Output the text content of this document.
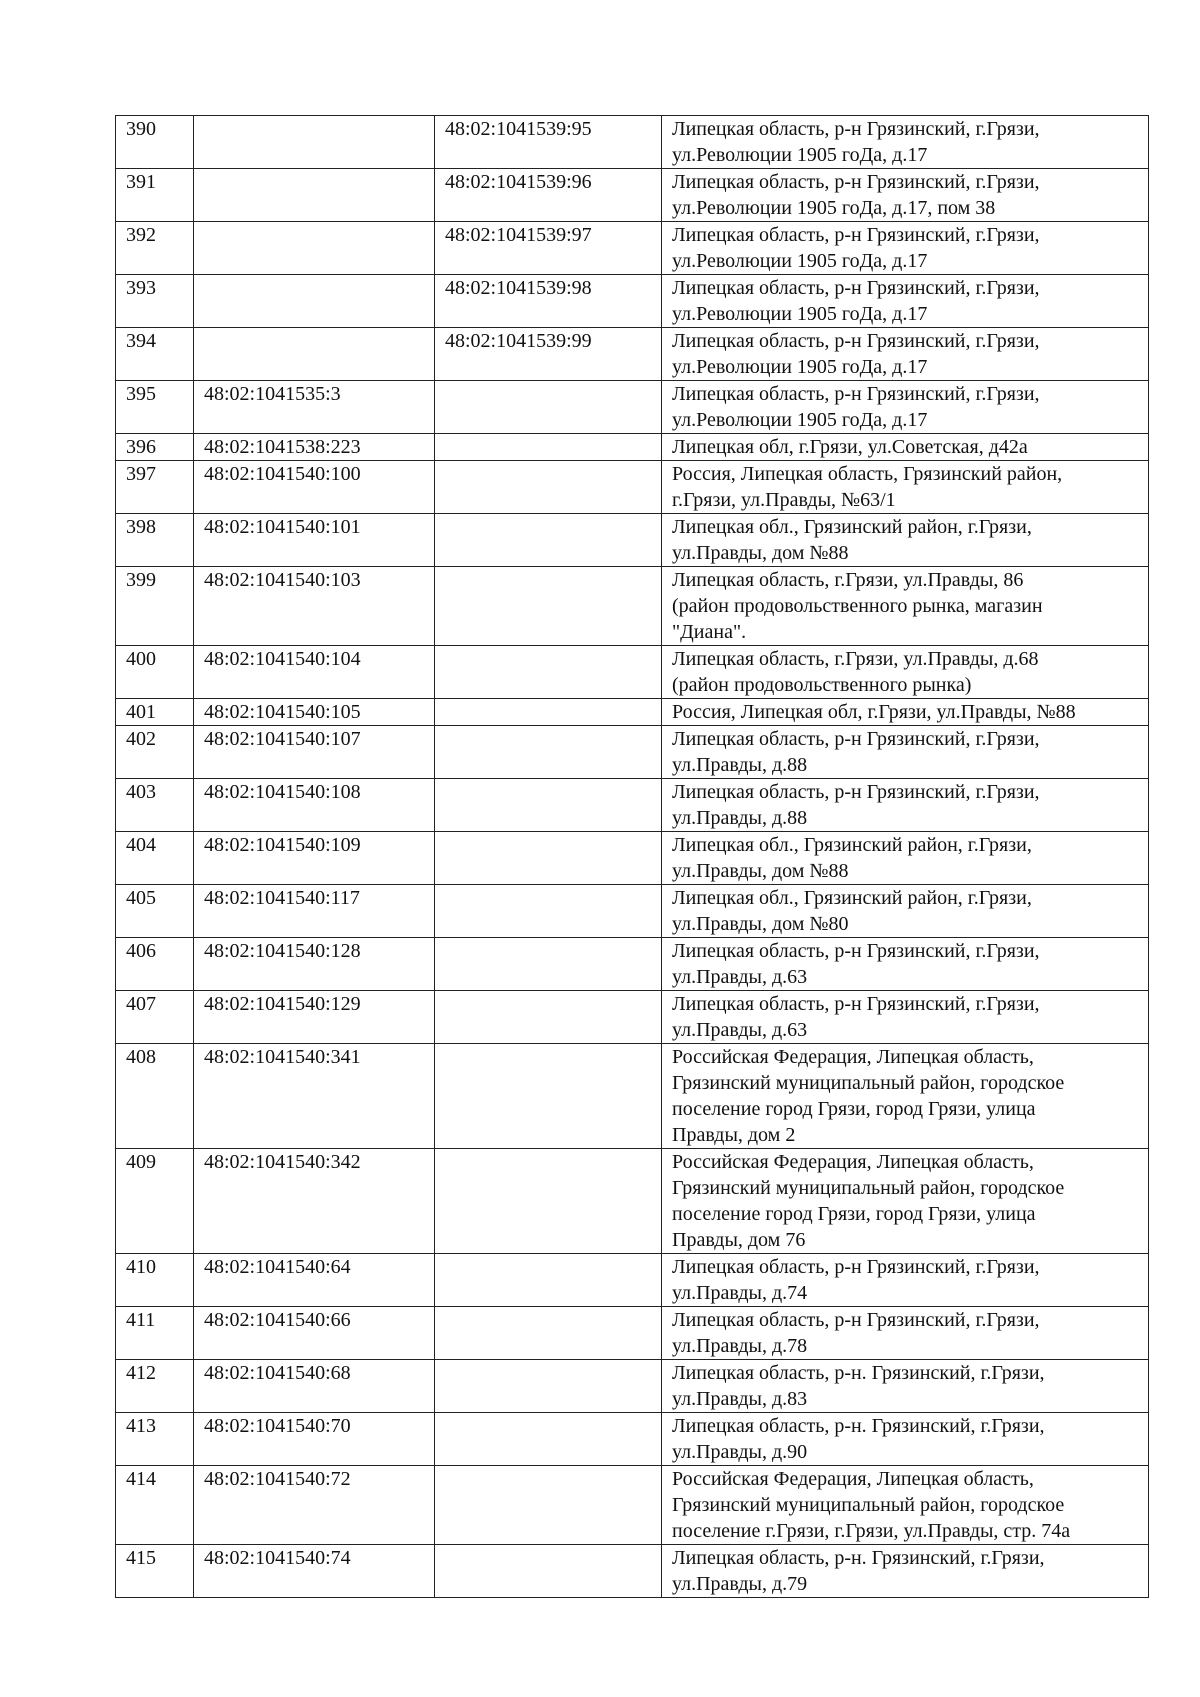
390		48:02:1041539:95	Липецкая область, р-н Грязинский, г.Грязи,
ул.Революции 1905 гоДа, д.17
391		48:02:1041539:96	Липецкая область, р-н Грязинский, г.Грязи,
ул.Революции 1905 гоДа, д.17, пом 38
392		48:02:1041539:97	Липецкая область, р-н Грязинский, г.Грязи,
ул.Революции 1905 гоДа, д.17
393		48:02:1041539:98	Липецкая область, р-н Грязинский, г.Грязи,
ул.Революции 1905 гоДа, д.17
394		48:02:1041539:99	Липецкая область, р-н Грязинский, г.Грязи,
ул.Революции 1905 гоДа, д.17
395	48:02:1041535:3		Липецкая область, р-н Грязинский, г.Грязи,
ул.Революции 1905 гоДа, д.17
396	48:02:1041538:223		Липецкая обл, г.Грязи, ул.Советская, д42а
397	48:02:1041540:100		Россия, Липецкая область, Грязинский район,
г.Грязи, ул.Правды, №63/1
398	48:02:1041540:101		Липецкая обл., Грязинский район, г.Грязи,
ул.Правды, дом №88
399	48:02:1041540:103		Липецкая область, г.Грязи, ул.Правды, 86
(район продовольственного рынка, магазин
"Диана".
400	48:02:1041540:104		Липецкая область, г.Грязи, ул.Правды, д.68
(район продовольственного рынка)
401	48:02:1041540:105		Россия, Липецкая обл, г.Грязи, ул.Правды, №88
402	48:02:1041540:107		Липецкая область, р-н Грязинский, г.Грязи,
ул.Правды, д.88
403	48:02:1041540:108		Липецкая область, р-н Грязинский, г.Грязи,
ул.Правды, д.88
404	48:02:1041540:109		Липецкая обл., Грязинский район, г.Грязи,
ул.Правды, дом №88
405	48:02:1041540:117		Липецкая обл., Грязинский район, г.Грязи,
ул.Правды, дом №80
406	48:02:1041540:128		Липецкая область, р-н Грязинский, г.Грязи,
ул.Правды, д.63
407	48:02:1041540:129		Липецкая область, р-н Грязинский, г.Грязи,
ул.Правды, д.63
408	48:02:1041540:341		Российская Федерация, Липецкая область,
Грязинский муниципальный район, городское
поселение город Грязи, город Грязи, улица
Правды, дом 2
409	48:02:1041540:342		Российская Федерация, Липецкая область,
Грязинский муниципальный район, городское
поселение город Грязи, город Грязи, улица
Правды, дом 76
410	48:02:1041540:64		Липецкая область, р-н Грязинский, г.Грязи,
ул.Правды, д.74
411	48:02:1041540:66		Липецкая область, р-н Грязинский, г.Грязи,
ул.Правды, д.78
412	48:02:1041540:68		Липецкая область, р-н. Грязинский, г.Грязи,
ул.Правды, д.83
413	48:02:1041540:70		Липецкая область, р-н. Грязинский, г.Грязи,
ул.Правды, д.90
414	48:02:1041540:72		Российская Федерация, Липецкая область,
Грязинский муниципальный район, городское
поселение г.Грязи, г.Грязи, ул.Правды, стр. 74а
415	48:02:1041540:74		Липецкая область, р-н. Грязинский, г.Грязи,
ул.Правды, д.79
